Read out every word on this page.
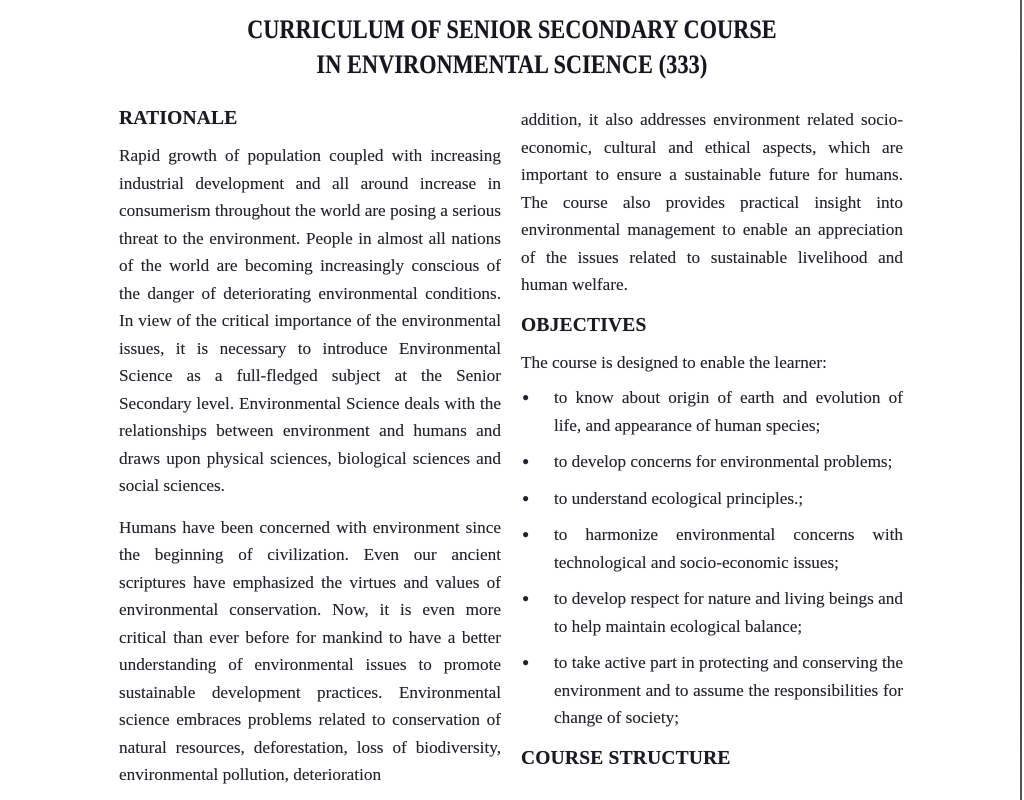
CURRICULUM OF SENIOR SECONDARY COURSE
IN ENVIRONMENTAL SCIENCE (333)
RATIONALE

Rapid growth of population coupled with increasing industrial development and all around increase in consumerism throughout the world are posing a serious threat to the environment. People in almost all nations of the world are becoming increasingly conscious of the danger of deteriorating environmental conditions. In view of the critical importance of the environmental issues, it is necessary to introduce Environmental Science as a full-fledged subject at the Senior Secondary level. Environmental Science deals with the relationships between environment and humans and draws upon physical sciences, biological sciences and social sciences.

Humans have been concerned with environment since the beginning of civilization. Even our ancient scriptures have emphasized the virtues and values of environmental conservation. Now, it is even more critical than ever before for mankind to have a better understanding of environmental issues to promote sustainable development practices. Environmental science embraces problems related to conservation of natural resources, deforestation, loss of biodiversity, environmental pollution, deterioration

addition, it also addresses environment related socio-economic, cultural and ethical aspects, which are important to ensure a sustainable future for humans. The course also provides practical insight into environmental management to enable an appreciation of the issues related to sustainable livelihood and human welfare.

OBJECTIVES

The course is designed to enable the learner:

● to know about origin of earth and evolution of life, and appearance of human species;
● to develop concerns for environmental problems;
● to understand ecological principles.;
● to harmonize environmental concerns with technological and socio-economic issues;
● to develop respect for nature and living beings and to help maintain ecological balance;
● to take active part in protecting and conserving the environment and to assume the responsibilities for change of society;
COURSE STRUCTURE
